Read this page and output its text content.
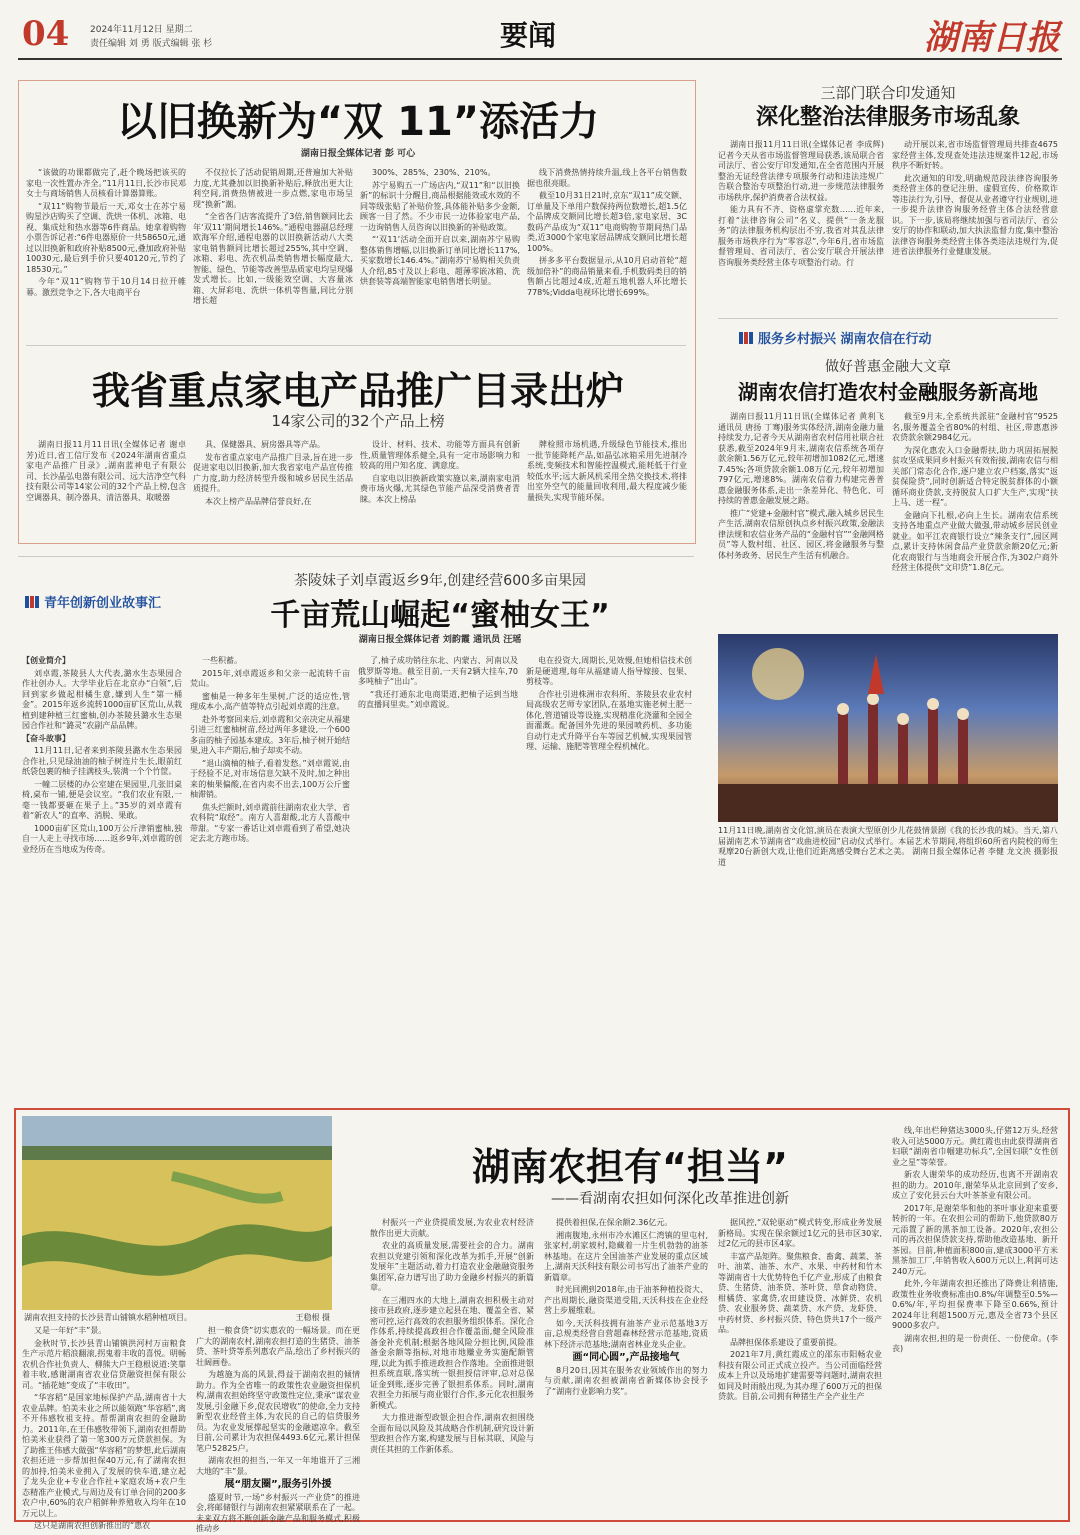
04 2024年11月12日 星期二
责任编辑 刘 勇 版式编辑 张 杉	要闻	湖南日报
以旧换新为“双 11”添活力
湖南日报全媒体记者 彭 可心

“该做的功课都做完了,赶个晚场把该买的家电一次性置办齐全。”11月11日,长沙市民邓女士与商场销售人员核看计算器算账。

“双11”购物节最后一天,邓女士在苏宁易购星沙店购买了空调、洗烘一体机、冰箱、电视、集成灶和热水器等6件商品。她拿着购物小票告诉记者:“6件电器原价一共58650元,通过以旧换新和政府补贴8500元,叠加政府补贴10030元,最后到手价只要40120元,节约了18530元。”

今年“双11”购物节于10月14日拉开帷幕。激烈竞争之下,各大电商平台

不仅拉长了活动促销周期,还普遍加大补贴力度,尤其叠加以旧换新补贴后,释放出更大让利空间,消费热情被进一步点燃,家电市场呈现“换新”潮。

“全省各门店客流提升了3倍,销售额同比去年‘双11’期间增长146%。”通程电器副总经理欧海军介绍,通程电器的以旧换新活动八大类家电销售额同比增长超过255%,其中空调、冰箱、彩电、洗衣机品类销售增长幅度最大,智能、绿色、节能等改善型品质家电均呈现爆发式增长。比如,一级能效空调、大容量冰箱、大屏彩电、洗烘一体机等售量,同比分别增长超

300%、285%、230%、210%。

苏宁易购五一广场店内,“双11”和“以旧换新”的标识十分醒目,商品根据能效或水效的不同等级张贴了补贴价签,具体能补贴多少金额,顾客一目了然。不少市民一边体验家电产品,一边询销售人员咨询以旧换新的补贴政策。

“‘双11’活动全面开启以来,湖南苏宁易购整体销售增幅,以旧换新订单同比增长117%,买家数增长146.4%。”湖南苏宁易购相关负责人介绍,85寸及以上彩电、超薄零嵌冰箱、洗烘套装等高端智能家电销售增长明显。

线下消费热情持续升温,线上各平台销售数据也很亮眼。

截至10月31日21时,京东“双11”成交额、订单量及下单用户数保持两位数增长,超1.5亿个品牌成交额同比增长超3倍,家电家居、3C数码产品成为“双11”电商购物节期间热门品类,近3000个家电家居品牌成交额同比增长超100%。

拼多多平台数据显示,从10月启动首轮“超级加倍补”的商品销量来看,手机数码类目的销售额占比超过4成,近超五地机器人环比增长778%;Vidda电视环比增长699%。

我省重点家电产品推广目录出炉
14家公司的32个产品上榜

湖南日报11月11日讯(全媒体记者 谢卓芳)近日,省工信厅发布《2024年湖南省重点家电产品推广目录》,湖南蓝神电子有限公司、长沙晶弘电器有限公司、远大洁净空气科技有限公司等14家公司的32个产品上榜,包含空调器具、制冷器具、清洁器具、取暖器

具、保健器具、厨房器具等产品。

发布省重点家电产品推广目录,旨在进一步促进家电以旧换新,加大我省家电产品宣传推广力度,助力经济转型升级和城乡居民生活品质提升。

本次上榜产品品牌信誉良好,在

设计、材料、技术、功能等方面具有创新性,质量管理体系健全,具有一定市场影响力和较高的用户知名度、满意度。

自家电以旧换新政策实施以来,湖南家电消费市场火爆,尤其绿色节能产品深受消费者青睐。本次上榜品

牌检照市场机遇,升级绿色节能技术,推出一批节能降耗产品,如晶弘冰箱采用先进制冷系统,变频技术和智能控温模式,能耗低于行业较低水平;远大新风机采用全热交换技术,将排出室外空气的能量回收利用,最大程度减少能量损失,实现节能环保。

三部门联合印发通知
深化整治法律服务市场乱象

湖南日报11月11日讯(全媒体记者 李成辉)记者今天从省市场监督管理局获悉,该局联合省司法厅、省公安厅印发通知,在全省范围内开展整治无证经营法律专项服务行动和违法违规广告联合整治专项整治行动,进一步规范法律服务市场秩序,保护消费者合法权益。

能力具有不齐、资格虚掌充数……近年来,打着“法律咨询公司”名义、提供“一条龙服务”的法律服务机构层出不穷,我省对其乱法律服务市场秩序行为“零容忍”,今年6月,省市场监督管理局、省司法厅、省公安厅联合开展法律咨询服务类经营主体专项整治行动。行

动开展以来,省市场监督管理局共排查4675家经营主体,发现查处违法违规案件12起,市场秩序不断好转。

此次通知的印发,明确规范段法律咨询服务类经营主体的登记注册、虚假宣传、价格欺诈等违法行为,引导、督促从业者遵守行业规则,进一步提升法律咨询服务经营主体合法经营意识。下一步,该局将继续加强与省司法厅、省公安厅的协作和联动,加大执法监督力度,集中整治法律咨询服务类经营主体各类违法违规行为,促进省法律服务行业健康发展。

服务乡村振兴 湖南农信在行动
做好普惠金融大文章
湖南农信打造农村金融服务新高地

湖南日报11月11日讯(全媒体记者 黄利飞 通讯员 唐扬 丁骞)服务实体经济,湖南金融力量持续发力,记者今天从湖南省农村信用社联合社获悉,截至2024年9月末,湖南农信系统各项存款余额1.56万亿元,较年初增加1082亿元,增速7.45%;各项贷款余额1.08万亿元,较年初增加797亿元,增速8%。湖南农信着力构建完善普惠金融服务体系,走出一条差异化、特色化、可持续的普惠金融发展之路。

推广“党建+金融村官”模式,融入城乡居民生产生活,湖南农信原创执点乡村振兴政策,金融法律法规和农信业务产品的“金融村官”“金融网格员”等人数村组、社区、园区,将金融服务与整体村务政务、居民生产生活有机融合。

截至9月末,全系统共派驻“金融村官”9525名,服务覆盖全省80%的村组、社区,带惠惠涉农贷款余额2984亿元。

为深化惠农入口金融帮扶,助力巩固拓展脱贫攻坚成果同乡村振兴有效衔接,湖南农信与相关部门常态化合作,逐户建立农户档案,落实“返贫保险贷”,同时创新适合特定脱贫群体的小额循环商业贷款,支持脱贫人口扩大生产,实现“扶上马、送一程”。

金融向下扎根,必向上生长。湖南农信系统支持各地重点产业做大做强,带动城乡居民创业就业。如平江农商银行设立“辣条支行”,园区网点,累计支持休闲食品产业贷款余额20亿元;新化农商银行与当地商会开展合作,为302户商外经营主体提供“文印贷”1.8亿元。

青年创新创业故事汇
茶陵妹子刘卓霞返乡9年,创建经营600多亩果园
千亩荒山崛起“蜜柚女王”
湖南日报全媒体记者 刘韵霞 通讯员 汪瑶

【创业简介】

刘卓霞,茶陵县人大代表,潞水生态果园合作社创办人。大学毕业后在北京办“白领”,后回到家乡做起柑橘生意,嫌到人生“第一桶金”。2015年返乡流转1000亩矿区荒山,从栽植到建种植三红蜜柚,创办茶陵县潞水生态果园合作社和“潞灵”农副产品品牌。

【奋斗故事】

11月11日,记者来到茶陵县潞水生态果园合作社,只见绿油油的柚子树连片生长,眼前红纸袋包裹的柚子挂满枝头,装满一个个竹筐。

一幢二层楼的办公室建在果园里,几张旧桌椅,桌布一铺,便是会议室。“我们农业有限,一毫一钱都要砸在果子上。”35岁的刘卓霞有着“新农人”的直率、消脱、果敢。

1000亩矿区荒山,100万公斤津销蜜柚,独自一人走上寻找市场……返乡9年,刘卓霞的创业经历在当地成为传奇。

一些积蓄。

2015年,刘卓霞返乡和父亲一起流转千亩荒山。

蜜柚是一种多年生果树,广泛的适应性,管理成本小,高产值等特点引起刘卓霞的注意。

赴外考察回来后,刘卓霞和父亲决定从福建引进三红蜜柚树苗,经过两年多建设,一个600多亩的柚子园基本建成。3年后,柚子树开始结果,进入丰产期后,柚子却卖不动。

“退山滴柚的柚子,看着发愁。”刘卓霞说,由于经验不足,对市场信息欠缺不及时,加之种出来的柚果偏酸,在省内卖不出去,100万公斤蜜柚滞销。

焦头烂额时,刘卓霞前往湖南农业大学、省农科院“取经”。南方人喜甜酸,北方人喜酸中带甜。“专家一番话让刘卓霞看到了希望,她决定去北方跑市场。

了,柚子成功销往东北、内蒙古、河南以及俄罗斯等地。截至目前,一天有2辆大挂车,70多吨柚子“出山”。

“我还打通东北电商渠道,把柚子运到当地的直播间里卖。”刘卓霞说。

电在投资大,周期长,见效慢,但她相信技术创新是硬道理,每年从福建请人指导嫁接、包果、剪枝等。

合作社引进株洲市农科所、茶陵县农业农村局高级农艺师专家团队,在基地实施老树土肥一体化,管道铺设等设施,实现精准化浇灌和全园全面灌溉。配备国外先进的果园喷药机、多功能自动行走式升降平台车等园艺机械,实现果园管理、运输、施肥等管理全程机械化。

11月11日晚,湖南省文化馆,演员在表演大型原创少儿花鼓情景剧《我的长沙我的城》。当天,第八届湖南艺术节湖南省“戏曲进校园”启动仪式举行。本届艺术节期间,将组织60所省内院校的师生观摩20台新创大戏,让他们近距离感受舞台艺术之美。 湖南日报全媒体记者 李健 龙文泱 摄影报道
湖南农担支持的长沙县青山铺镇水稻种植项目。	王稳根 摄
湖南农担有“担当”
——看湖南农担如何深化改革推进创新

又是一年好“丰”景。

金秋时节,长沙县青山铺镇洪河村万亩粮食生产示范片稻浪翻滚,拐鬼着丰收的喜悦。明畅农机合作社负责人、柳熊大户王稳根说道:笑靠着丰收,感谢湖南省农业信贷融资担保有限公司。“插花她”变成了“丰收田”。

“华容稻”是国家地标保护产品,湖南省十大农业品牌。怕美未业之所以能领跑“华容稻”,离不开伟感牧祖支持。帮帮湖南农担的金融助力。2011年,在王伟感牧带领下,湖南农担帮助怕美米业获得了第一笔300万元贷款担保。为了助推王伟感大做强“华容稻”的梦想,此后湖南农担还进一步帮加担保40万元,有了湖南农担的加持,怕美米业拥入了发展的快车道,建立起了龙头企业+专业合作社+家庭农场+农户生态精准产业模式,与周边及有订单合同的200多农户中,60%的农户稻鲜种养殖收入均年在10万元以上。

这只是湖南农担创新推出的“惠农

担一粮食贷”切实惠农的一幅场景。而在更广大的湖南农村,湖南农担打造的生猪贷、油茶贷、茶叶贷等系列惠农产品,绘出了乡村振兴的壮阔画卷。

为越施为高的风景,得益于湖南农担的倾情助力。作为全省唯一的政策性农业融资担保机构,湖南农担始终坚守政策性定位,秉承“谋农业发展,引金融下乡,促农民增收”的使命,全力支持新型农业经营主体,为农民的自己的信贷服务员。为农业发展撑起坚实的金融遮凉伞。截至目前,公司累计为农担保4493.6亿元,累计担保笔户52825户。

湖南农担的担当,一年又一年地谁开了三湘大地的“丰”景。

展“朋友圈”,服务引外援

盛夏时节,一场“乡村振兴一产业贷”的推进会,将邮储银行与湖南农担紧紧联系在了一起。未来双方将不断创新金融产品和服务模式,积极推动乡

村振兴一产业贷提质发展,为农业农村经济散作出更大贡献。

农业的高质量发展,需要社会的合力。湖南农担以党建引领和深化改革为抓手,开展“创新发展年”主题活动,着力打造农业金融融资服务集团军,奋力谱写出了助力金融乡村振兴的新篇章。

在三湘四水的大地上,湖南农担积极主动对接市县政府,逐步建立起县在地、覆盖全省、紧密可控,运行高效的农担服务组织体系。深化合作体系,持续提高政担合作覆盖面,健全风险准备金补充机制;根据各地风险分担比例,风险准备金余额等指标,对地市地赚业务实施配额管理,以此为抓手推进政担合作落地。全面推进银担系统直联,落实统一银担授信评审,总对总保证金到账,逐步完善了银担系体系。同时,湖南农担全力拓展与商业银行合作,多元化农担服务新模式。

大力推进渐型政银企担合作,湖南农担围绕全面布局以风险及其战略合作机制,研究设计新型政担合作方案,构建发展与目标其联、风险与责任其担的工作新体系。

提供着担保,在保余额2.36亿元。

湘南腹地,永州市冷水滩区仁湾镇的里屯村,张家村,胡家坡村,隐藏着一片生机勃勃的油茶林基地。在这片全国油茶产业发展的重点区域上,湖南天沃科技有限公司书写出了油茶产业的新篇章。

时光回溯到2018年,由于油茶种植投资大、产出周期长,融资渠道受阻,天沃科技在企业经营上步履维艰。

如今,天沃科技拥有油茶产业示范基地3万亩,总规类经营自营超森林经营示范基地,资质林下经济示范基地;湖南省林业龙头企业。

画“同心圆”,产品接地气

8月20日,因其在服务农业领域作出的努力与贡献,湖南农担被湖南省新媒体协会授予了“湖南行业影响力奖”。

据风控,“双轮驱动”模式转变,形成业务发展新格局。实现在保余额过1亿元的县市区30家,过2亿元的县市区4家。

丰富产品矩阵。聚焦粮食、畜禽、蔬菜、茶叶、油菜、油茶、水产、水果、中药材和竹木等湖南省十大优势特色千亿产业,形成了由粮食贷、生猪贷、油茶贷、茶叶贷、草食动物贷、柑橘贷、家禽贷,农田建设贷、冰鲜贷、农机贷、农业服务贷、蔬菜贷、水产贷、龙虾贷、中药材贷、乡村振兴贷、特色贷共17个一级产品。

品牌担保体系建设了重要前提。

2021年7月,黄红霞成立的邵东市阳畅农业科技有限公司正式成立投产。当公司面临经营成本上升以及场地扩建需要等问题时,湖南农担如同及时雨般出现,为其办理了600万元的担保贷款。目前,公司拥有种猪生产全产业生产

线,年出栏种猪达3000头,仔猪12万头,经营收入可达5000万元。黄红霞也由此获得湖南省妇联“湖南省巾帼建功标兵”,全国妇联“女性创业之星”等荣誉。

新农人谢荣华的成功经历,也离不开湖南农担的助力。2010年,谢荣华从北京回到了安乡,成立了安化县云台大叶茶茶业有限公司。

2017年,是谢荣华和他的茶叶事业迎来重要转折的一年。在农担公司的帮助下,他贷款80万元添置了新的黑茶加工设备。2020年,农担公司的再次担保贷款支持,帮助他改造基地、新开茶园。目前,种植面积800亩,建成3000平方米黑茶加工厂,年销售收入600万元以上,利润可达240万元。

此外,今年湖南农担还推出了降费让利措施,政策性业务收费标准由0.8%/年调整至0.5%—0.6%/年,平均担保费率下降至0.66%,预计2024年让利超1500万元,惠及全省73个县区9000多农户。

湖南农担,担的是一份责任、一份使命。(李 丧)
